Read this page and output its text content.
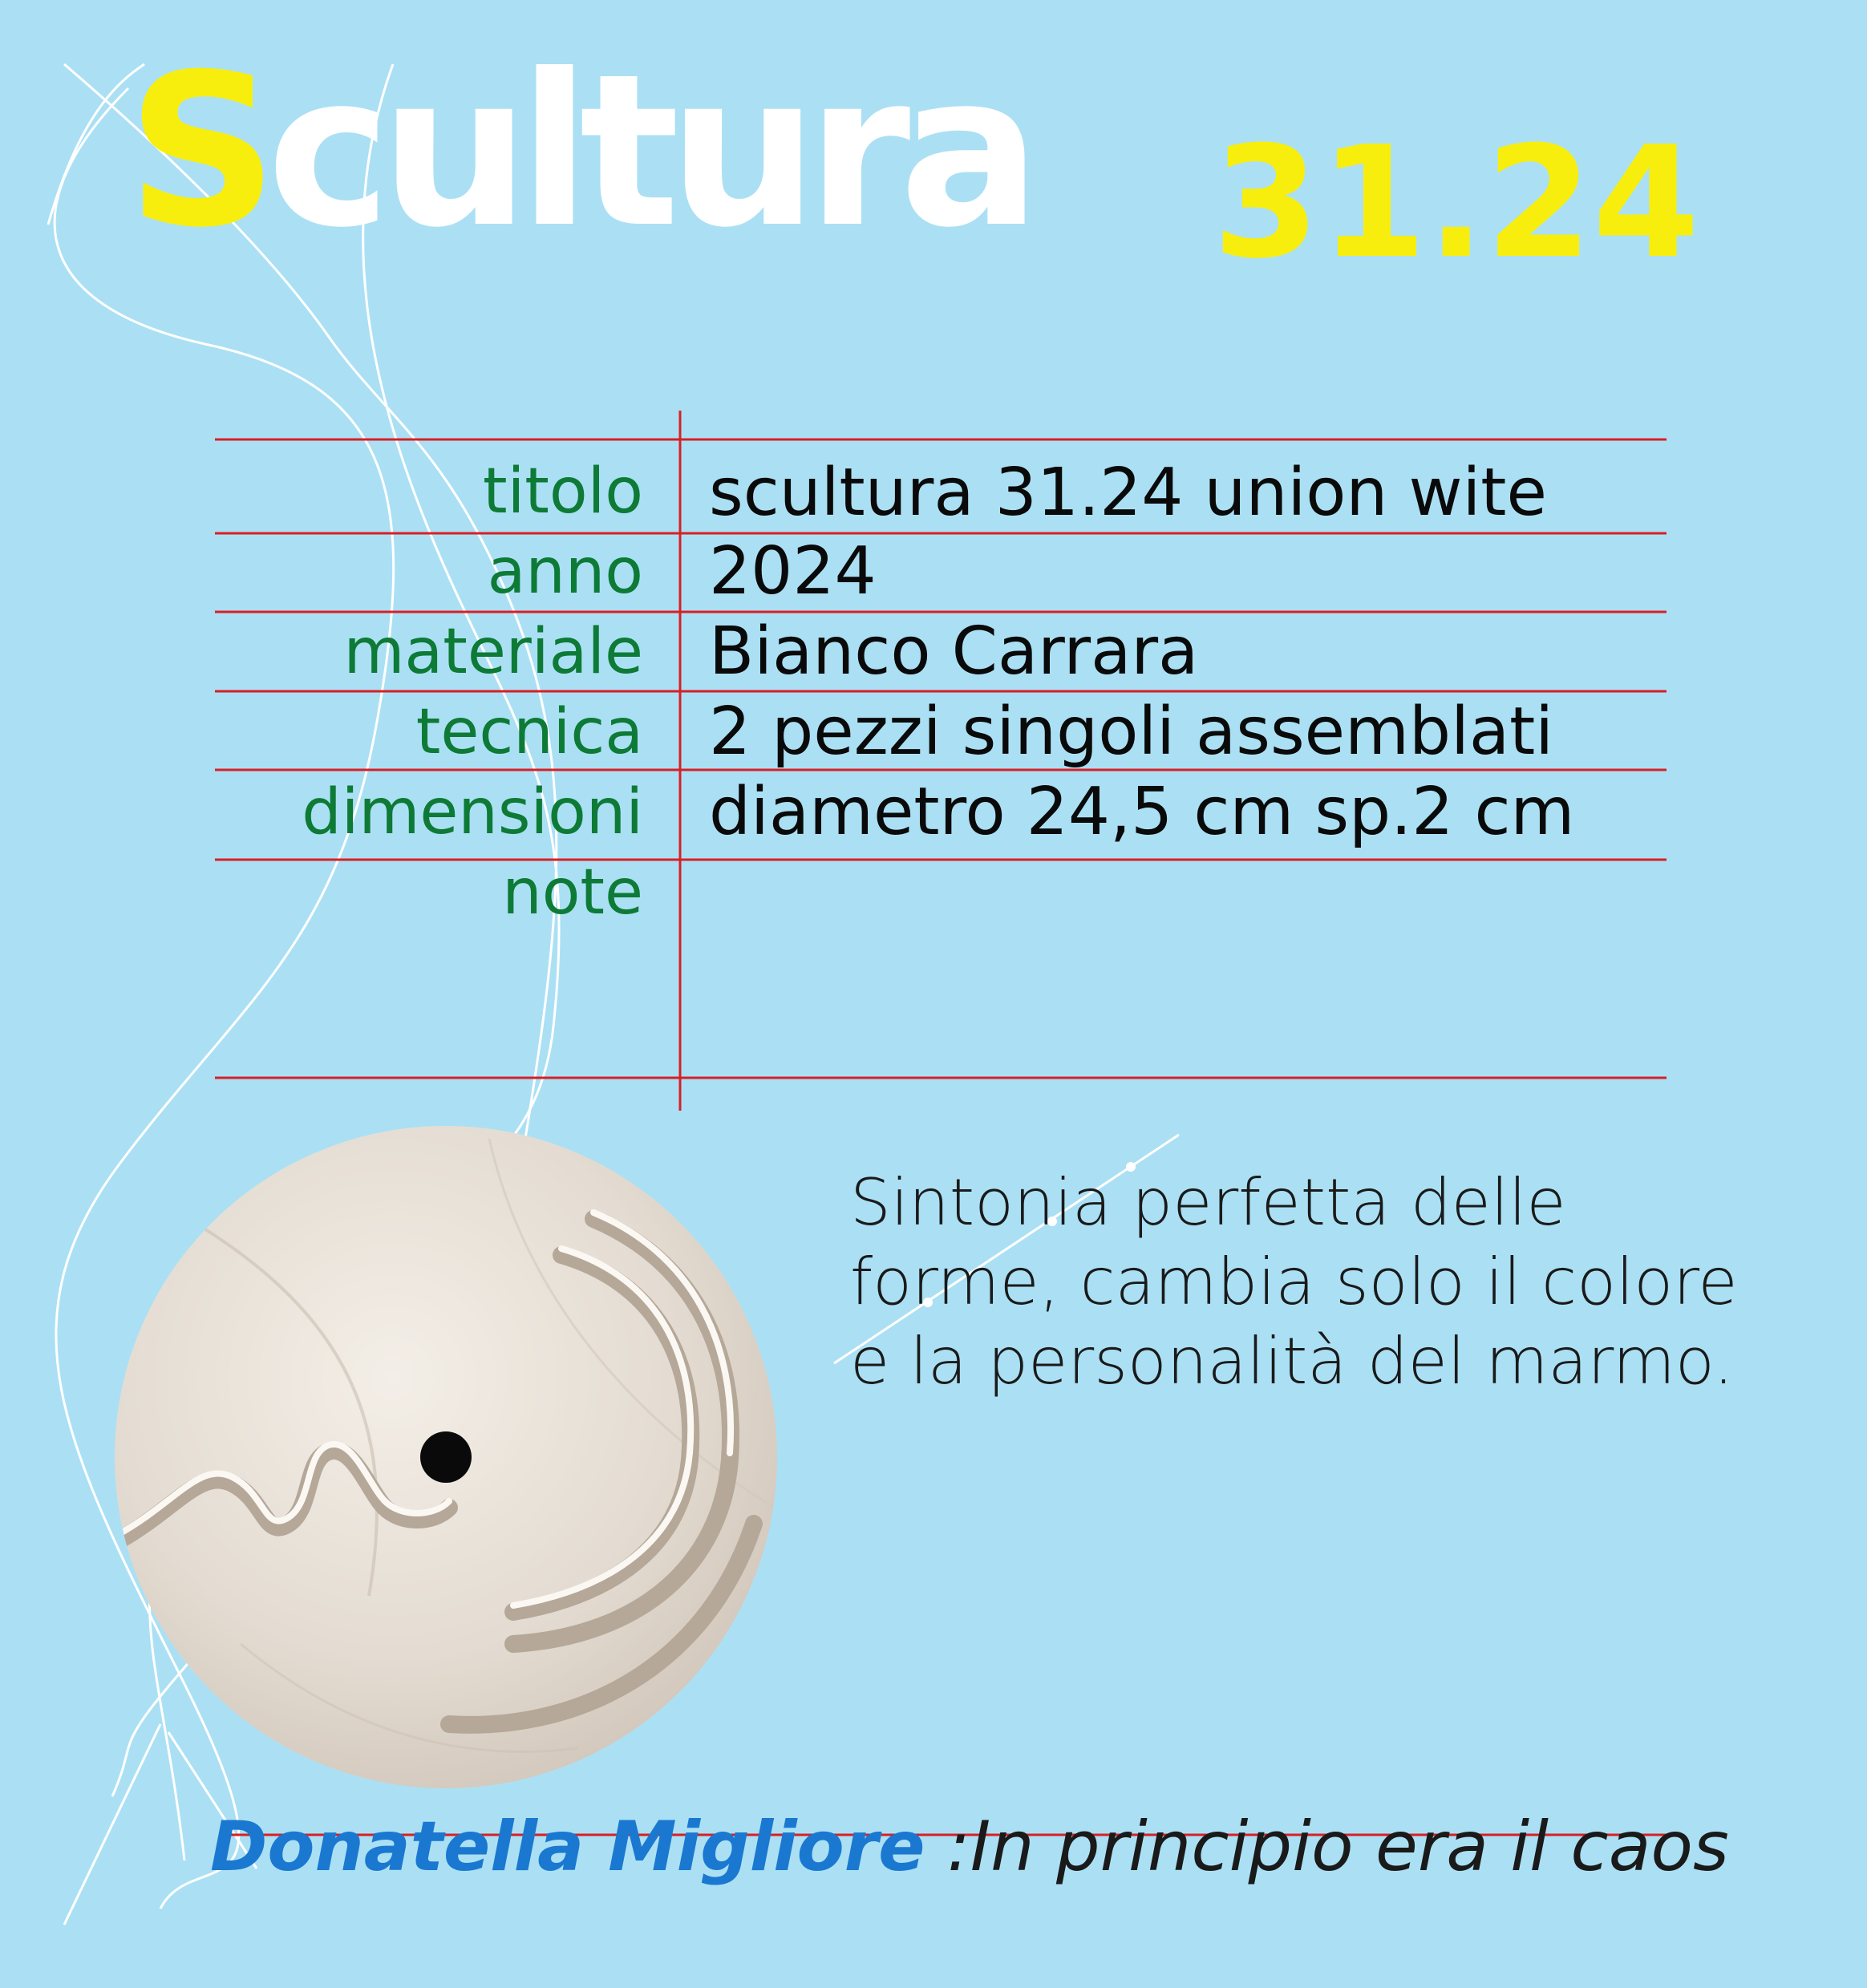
Scultura 31.24
titolo scultura 31.24 union wite
anno 2024
materiale Bianco Carrara
tecnica 2 pezzi singoli assemblati
dimensioni diametro 24,5 cm sp.2 cm
note
Sintonia perfetta delle forme, cambia solo il colore e la personalità del marmo.
Donatella Migliore :In principio era il caos
